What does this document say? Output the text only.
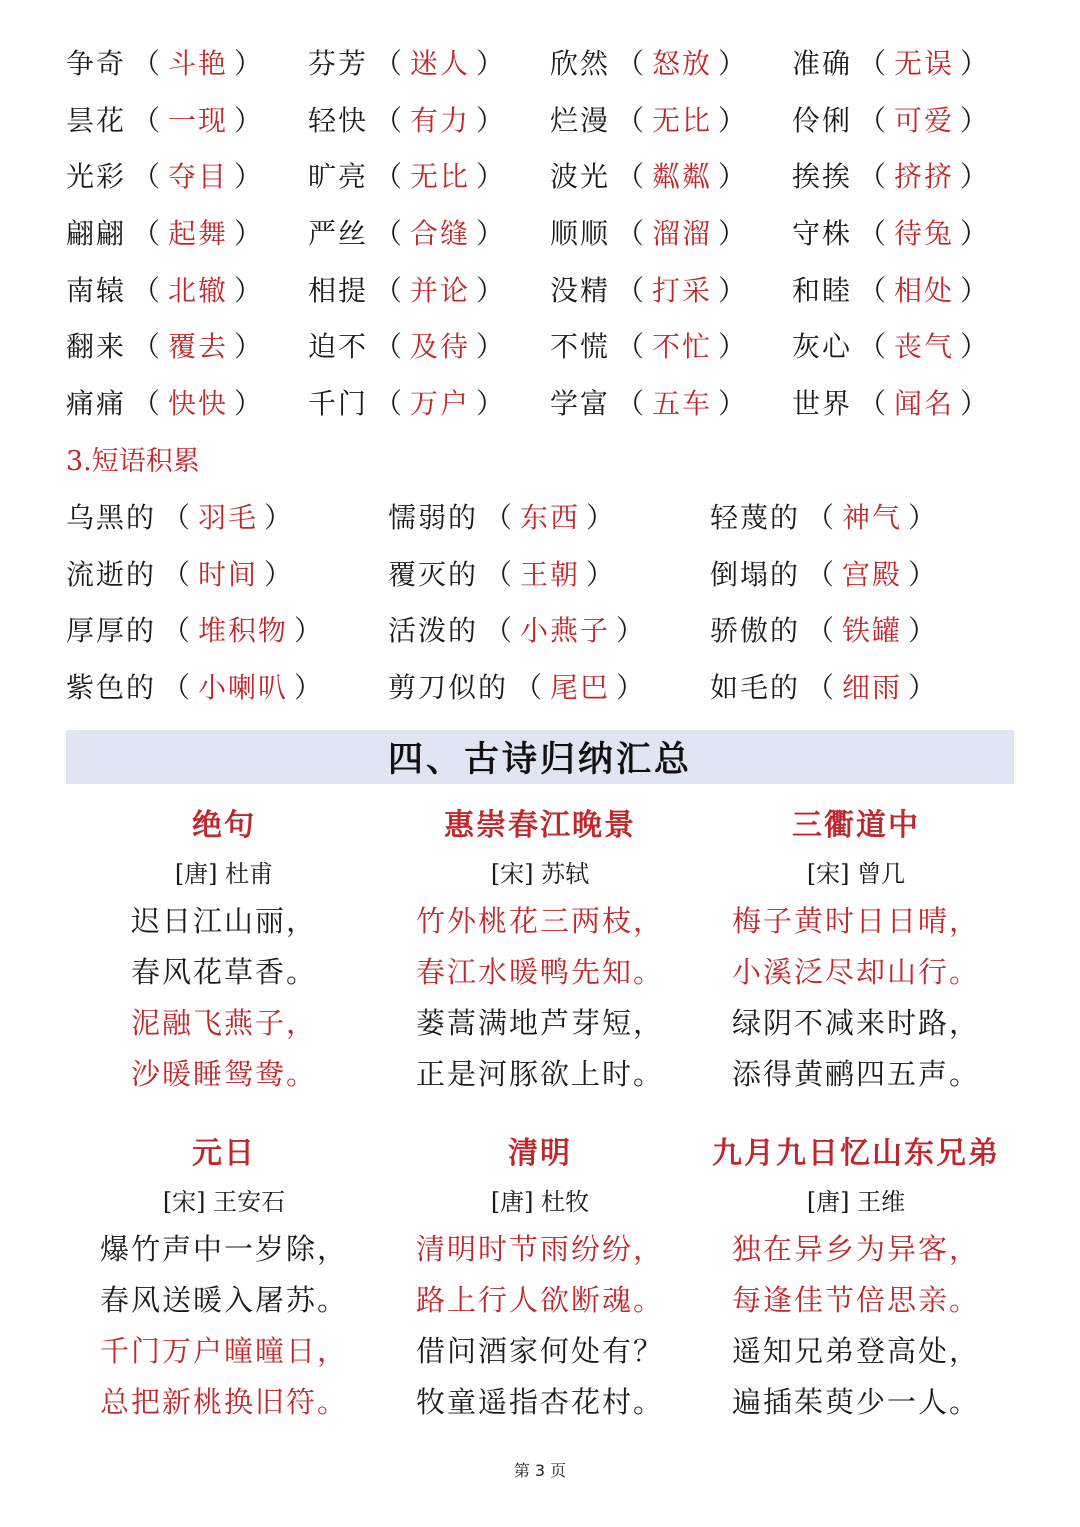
争奇 （ 斗艳 ）	芬芳 （ 迷人 ）	欣然 （ 怒放 ）	准确 （ 无误 ）
昙花 （ 一现 ）	轻快 （ 有力 ）	烂漫 （ 无比 ）	伶俐 （ 可爱 ）
光彩 （ 夺目 ）	旷亮 （ 无比 ）	波光 （ 粼粼 ）	挨挨 （ 挤挤 ）
翩翩 （ 起舞 ）	严丝 （ 合缝 ）	顺顺 （ 溜溜 ）	守株 （ 待兔 ）
南辕 （ 北辙 ）	相提 （ 并论 ）	没精 （ 打采 ）	和睦 （ 相处 ）
翻来 （ 覆去 ）	迫不 （ 及待 ）	不慌 （ 不忙 ）	灰心 （ 丧气 ）
痛痛 （ 快快 ）	千门 （ 万户 ）	学富 （ 五车 ）	世界 （ 闻名 ）
3.短语积累
乌黑的 （ 羽毛 ）	懦弱的 （ 东西 ）	轻蔑的 （ 神气 ）
流逝的 （ 时间 ）	覆灭的 （ 王朝 ）	倒塌的 （ 宫殿 ）
厚厚的 （ 堆积物 ）	活泼的 （ 小燕子 ）	骄傲的 （ 铁罐 ）
紫色的 （ 小喇叭 ）	剪刀似的 （ 尾巴 ）	如毛的 （ 细雨 ）
四、古诗归纳汇总
绝句
[唐] 杜甫
迟日江山丽，
春风花草香。
泥融飞燕子，
沙暖睡鸳鸯。
惠崇春江晚景
[宋] 苏轼
竹外桃花三两枝，
春江水暖鸭先知。
蒌蒿满地芦芽短，
正是河豚欲上时。
三衢道中
[宋] 曾几
梅子黄时日日晴，
小溪泛尽却山行。
绿阴不减来时路，
添得黄鹂四五声。
元日
[宋] 王安石
爆竹声中一岁除，
春风送暖入屠苏。
千门万户曈曈日，
总把新桃换旧符。
清明
[唐] 杜牧
清明时节雨纷纷，
路上行人欲断魂。
借问酒家何处有？
牧童遥指杏花村。
九月九日忆山东兄弟
[唐] 王维
独在异乡为异客，
每逢佳节倍思亲。
遥知兄弟登高处，
遍插茱萸少一人。
第 3 页
